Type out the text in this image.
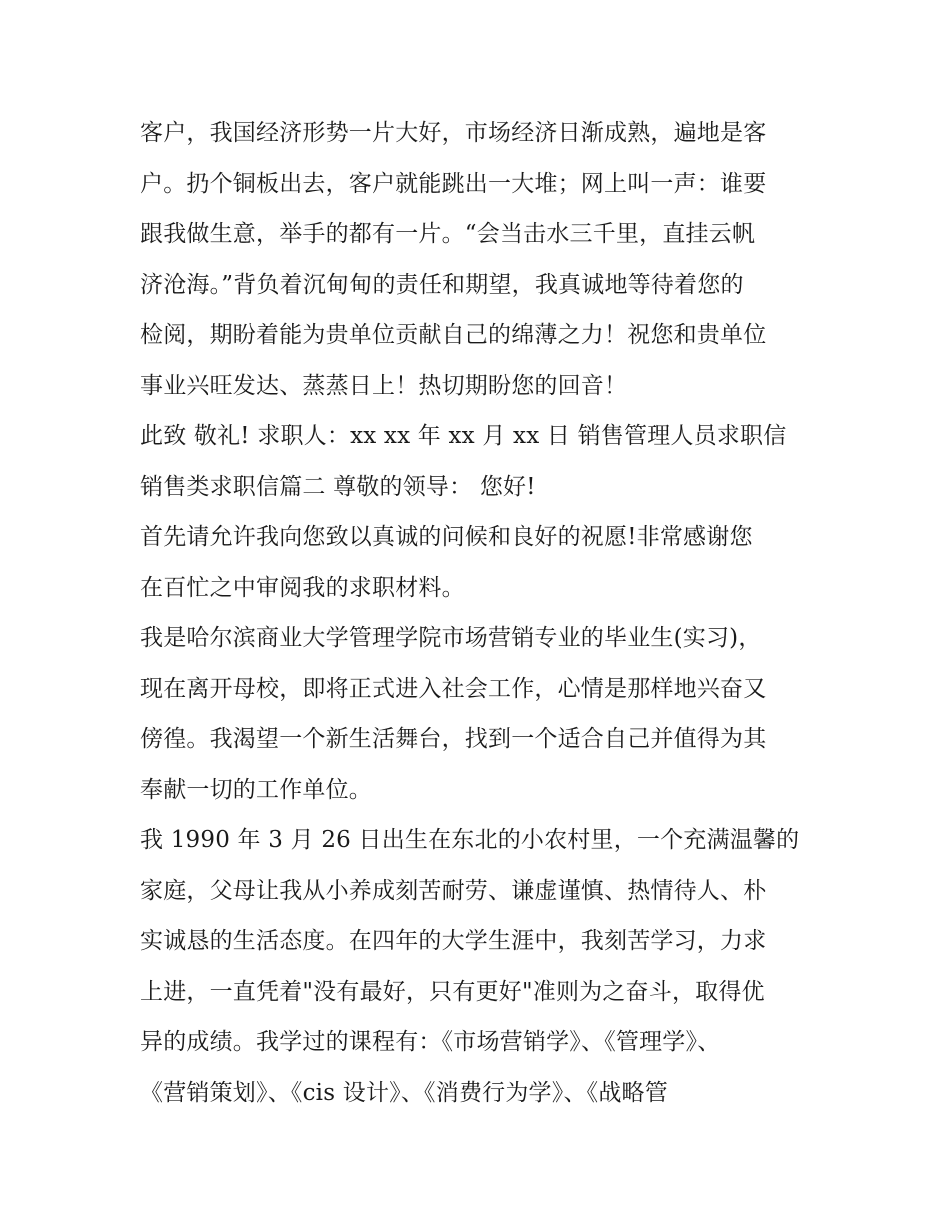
客户，我国经济形势一片大好，市场经济日渐成熟，遍地是客
户。扔个铜板出去，客户就能跳出一大堆；网上叫一声：谁要
跟我做生意，举手的都有一片。“会当击水三千里，直挂云帆
济沧海。”背负着沉甸甸的责任和期望，我真诚地等待着您的
检阅，期盼着能为贵单位贡献自己的绵薄之力！祝您和贵单位
事业兴旺发达、蒸蒸日上！热切期盼您的回音！
此致 敬礼! 求职人：xx xx 年 xx 月 xx 日 销售管理人员求职信
销售类求职信篇二 尊敬的领导： 您好!
首先请允许我向您致以真诚的问候和良好的祝愿!非常感谢您
在百忙之中审阅我的求职材料。
我是哈尔滨商业大学管理学院市场营销专业的毕业生(实习)，
现在离开母校，即将正式进入社会工作，心情是那样地兴奋又
傍徨。我渴望一个新生活舞台，找到一个适合自己并值得为其
奉献一切的工作单位。
我 1990 年 3 月 26 日出生在东北的小农村里，一个充满温馨的
家庭，父母让我从小养成刻苦耐劳、谦虚谨慎、热情待人、朴
实诚恳的生活态度。在四年的大学生涯中，我刻苦学习，力求
上进，一直凭着"没有最好，只有更好"准则为之奋斗，取得优
异的成绩。我学过的课程有：《市场营销学》、《管理学》、
《营销策划》、《cis 设计》、《消费行为学》、《战略管
